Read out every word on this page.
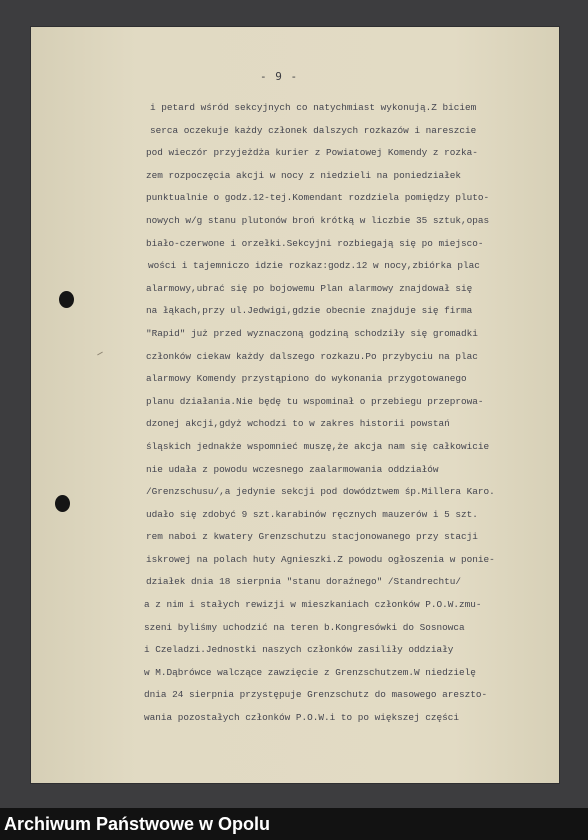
- 9 -
i petard wśród sekcyjnych co natychmiast wykonują.Z biciem
serca oczekuje każdy członek dalszych rozkazów i nareszcie
pod wieczór przyjeżdża kurier z Powiatowej Komendy z rozka-
zem rozpoczęcia akcji w nocy z niedzieli na poniedziałek
punktualnie o godz.12-tej.Komendant rozdziela pomiędzy pluto-
nowych w/g stanu plutonów broń krótką w liczbie 35 sztuk,opas
biało-czerwone i orzełki.Sekcyjni rozbiegają się po miejsco-
wości i tajemniczo idzie rozkaz:godz.12 w nocy,zbiórka plac
alarmowy,ubrać się po bojowemu Plan alarmowy znajdował się
na łąkach,przy ul.Jedwigi,gdzie obecnie znajduje się firma
"Rapid" już przed wyznaczoną godziną schodziły się gromadki
członków ciekaw każdy dalszego rozkazu.Po przybyciu na plac
alarmowy Komendy przystąpiono do wykonania przygotowanego
planu działania.Nie będę tu wspominał o przebiegu przeprowa-
dzonej akcji,gdyż wchodzi to w zakres historii powstań
śląskich jednakże wspomnieć muszę,że akcja nam się całkowicie
nie udała z powodu wczesnego zaalarmowania oddziałów
/Grenzschusu/,a jedynie sekcji pod dowództwem śp.Millera Karo.
udało się zdobyć 9 szt.karabinów ręcznych mauzerów i 5 szt.
rem naboi z kwatery Grenzschutzu stacjonowanego przy stacji
iskrowej na polach huty Agnieszki.Z powodu ogłoszenia w ponie-
działek dnia 18 sierpnia "stanu doraźnego" /Standrechtu/
a z nim i stałych rewizji w mieszkaniach członków P.O.W.zmu-
szeni byliśmy uchodzić na teren b.Kongresówki do Sosnowca
i Czeladzi.Jednostki naszych członków zasiliły oddziały
w M.Dąbrówce walczące zawzięcie z Grenzschutzem.W niedzielę
dnia 24 sierpnia przystępuje Grenzschutz do masowego areszto-
wania pozostałych członków P.O.W.i to po większej części
Archiwum Państwowe w Opolu
